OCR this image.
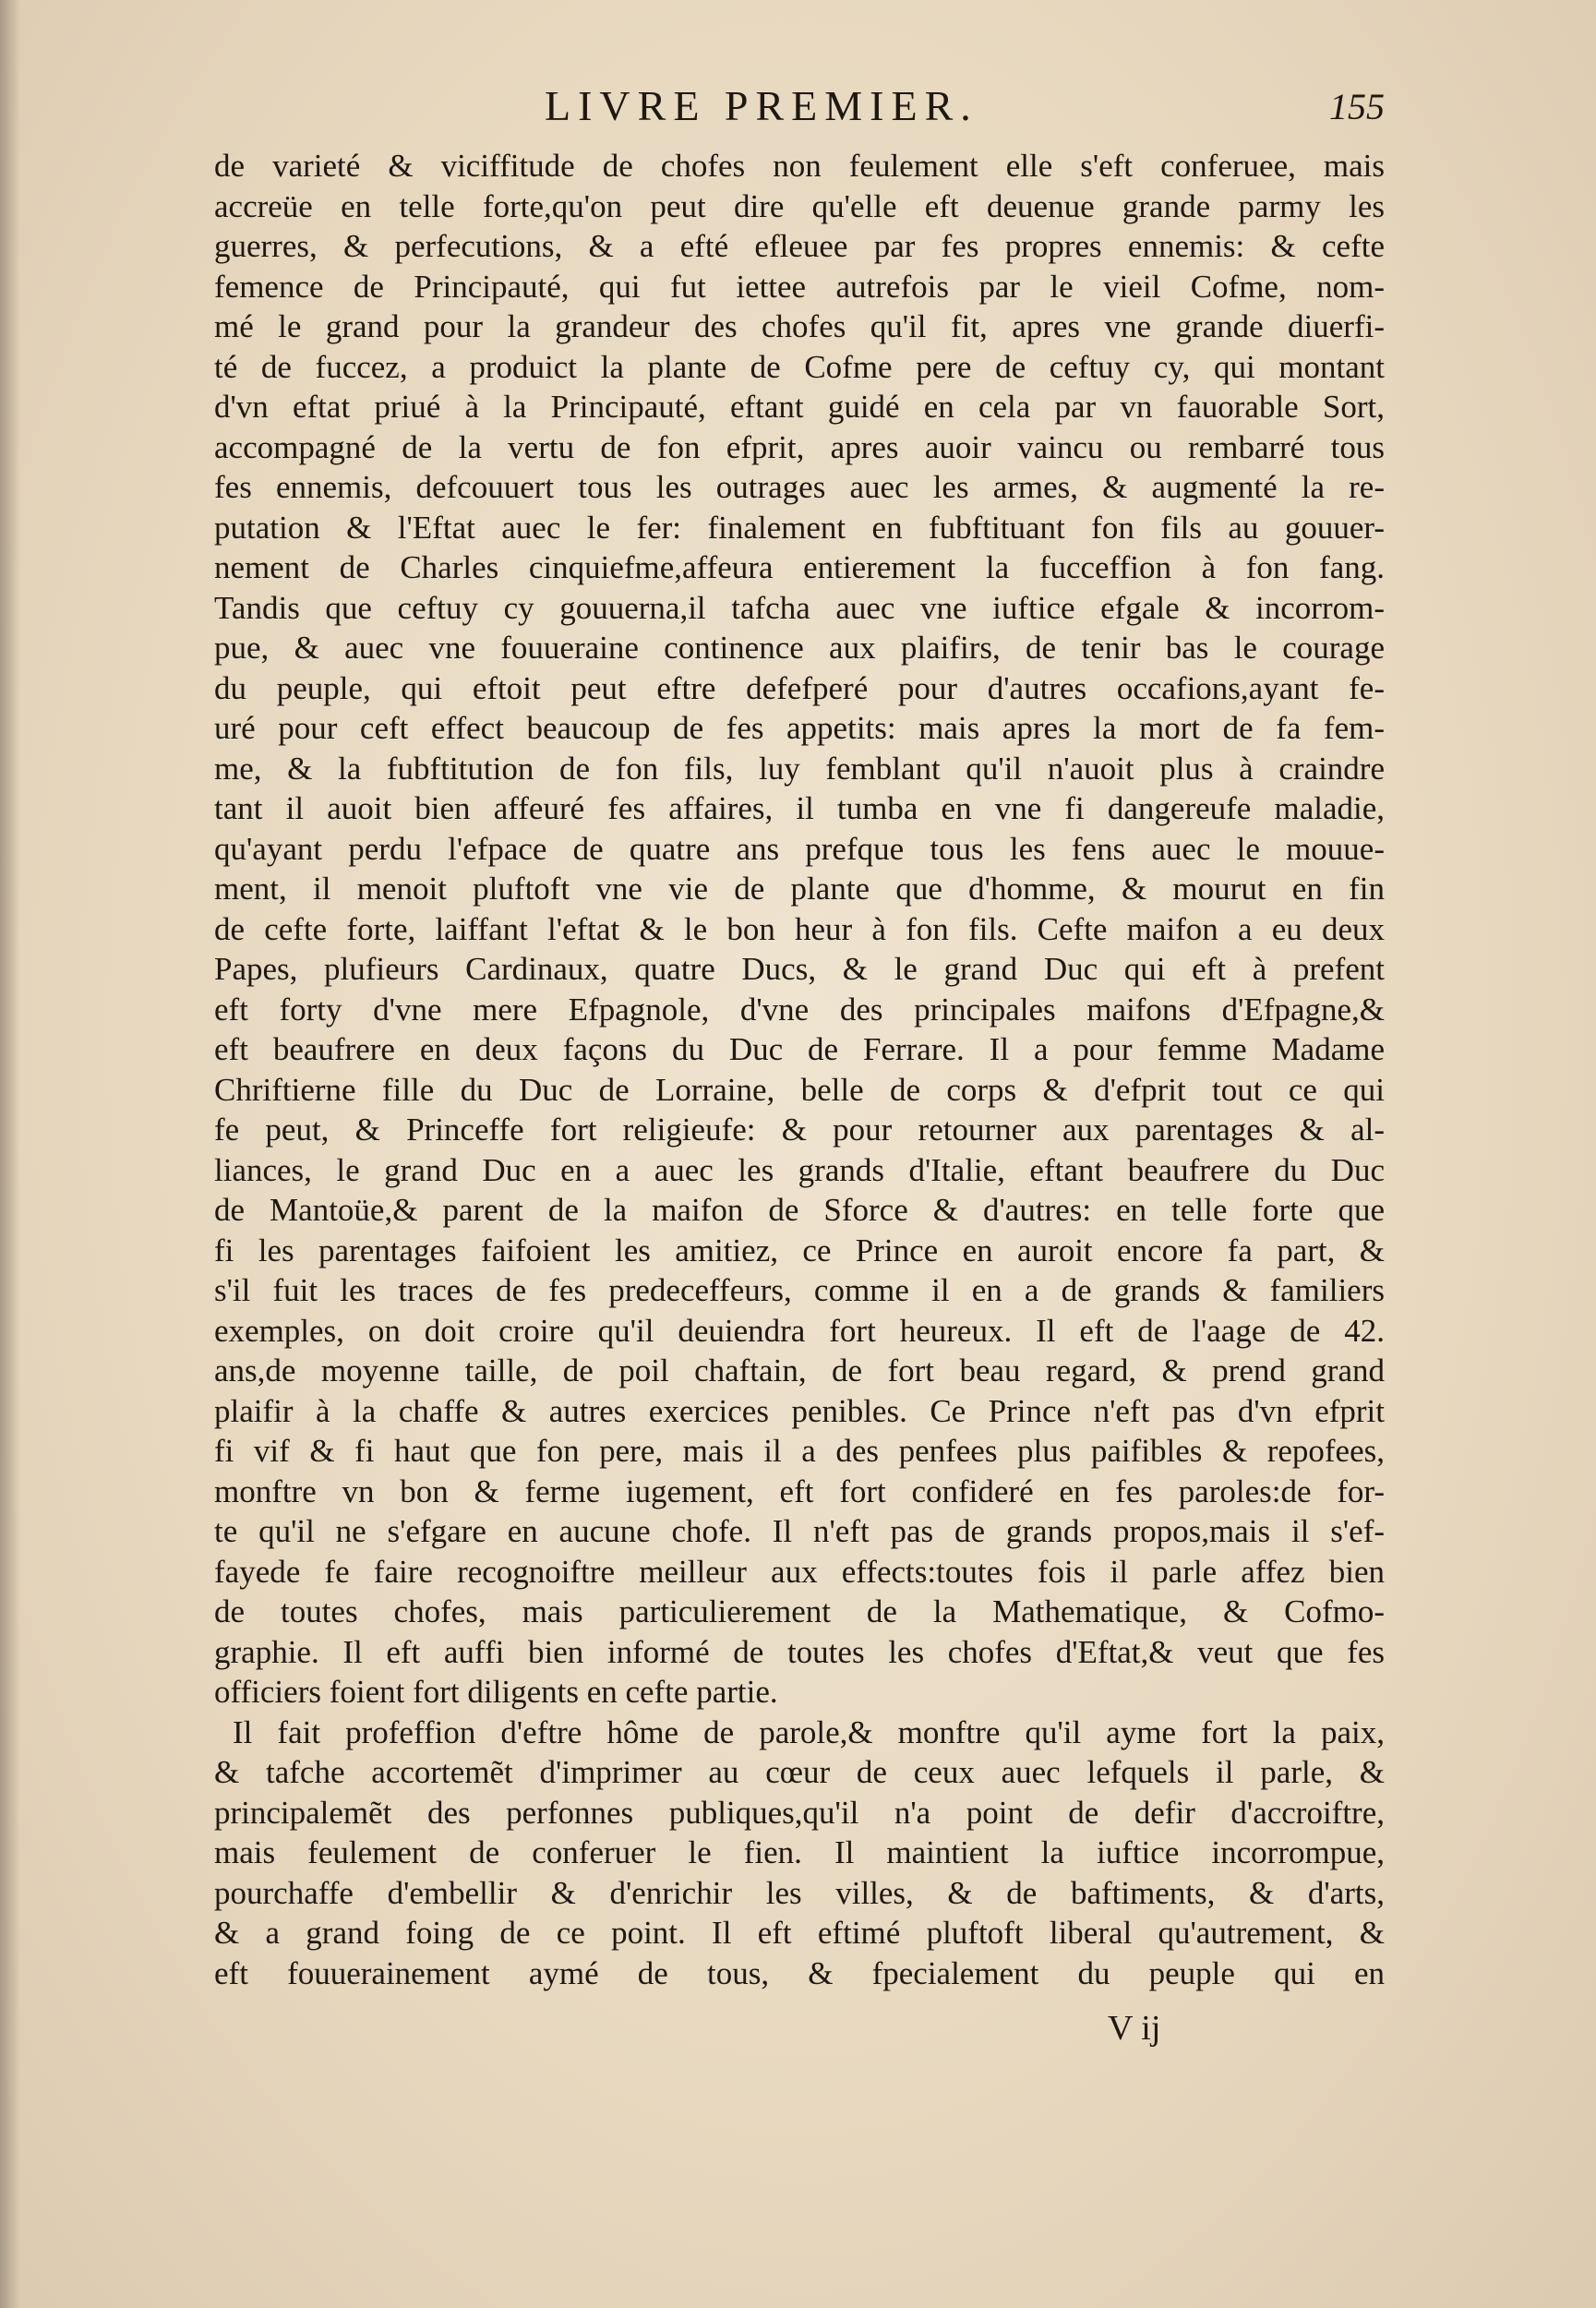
LIVRE PREMIER.	155
de varieté & viciffitude de chofes non feulement elle s'eft conferuee, mais
accreüe en telle forte,qu'on peut dire qu'elle eft deuenue grande parmy les
guerres, & perfecutions, & a efté efleuee par fes propres ennemis: & cefte
femence de Principauté, qui fut iettee autrefois par le vieil Cofme, nom-
mé le grand pour la grandeur des chofes qu'il fit, apres vne grande diuerfi-
té de fuccez, a produict la plante de Cofme pere de ceftuy cy, qui montant
d'vn eftat priué à la Principauté, eftant guidé en cela par vn fauorable Sort,
accompagné de la vertu de fon efprit, apres auoir vaincu ou rembarré tous
fes ennemis, defcouuert tous les outrages auec les armes, & augmenté la re-
putation & l'Eftat auec le fer: finalement en fubftituant fon fils au gouuer-
nement de Charles cinquiefme,affeura entierement la fucceffion à fon fang.
Tandis que ceftuy cy gouuerna,il tafcha auec vne iuftice efgale & incorrom-
pue, & auec vne fouueraine continence aux plaifirs, de tenir bas le courage
du peuple, qui eftoit peut eftre defefperé pour d'autres occafions,ayant fe-
uré pour ceft effect beaucoup de fes appetits: mais apres la mort de fa fem-
me, & la fubftitution de fon fils, luy femblant qu'il n'auoit plus à craindre
tant il auoit bien affeuré fes affaires, il tumba en vne fi dangereufe maladie,
qu'ayant perdu l'efpace de quatre ans prefque tous les fens auec le mouue-
ment, il menoit pluftoft vne vie de plante que d'homme, & mourut en fin
de cefte forte, laiffant l'eftat & le bon heur à fon fils. Cefte maifon a eu deux
Papes, plufieurs Cardinaux, quatre Ducs, & le grand Duc qui eft à prefent
eft forty d'vne mere Efpagnole, d'vne des principales maifons d'Efpagne,&
eft beaufrere en deux façons du Duc de Ferrare. Il a pour femme Madame
Chriftierne fille du Duc de Lorraine, belle de corps & d'efprit tout ce qui
fe peut, & Princeffe fort religieufe: & pour retourner aux parentages & al-
liances, le grand Duc en a auec les grands d'Italie, eftant beaufrere du Duc
de Mantoüe,& parent de la maifon de Sforce & d'autres: en telle forte que
fi les parentages faifoient les amitiez, ce Prince en auroit encore fa part, &
s'il fuit les traces de fes predeceffeurs, comme il en a de grands & familiers
exemples, on doit croire qu'il deuiendra fort heureux. Il eft de l'aage de 42.
ans,de moyenne taille, de poil chaftain, de fort beau regard, & prend grand
plaifir à la chaffe & autres exercices penibles. Ce Prince n'eft pas d'vn efprit
fi vif & fi haut que fon pere, mais il a des penfees plus paifibles & repofees,
monftre vn bon & ferme iugement, eft fort confideré en fes paroles:de for-
te qu'il ne s'efgare en aucune chofe. Il n'eft pas de grands propos,mais il s'ef-
fayede fe faire recognoiftre meilleur aux effects:toutes fois il parle affez bien
de toutes chofes, mais particulierement de la Mathematique, & Cofmo-
graphie. Il eft auffi bien informé de toutes les chofes d'Eftat,& veut que fes
officiers foient fort diligents en cefte partie.
Il fait profeffion d'eftre hôme de parole,& monftre qu'il ayme fort la paix,
& tafche accortemẽt d'imprimer au cœur de ceux auec lefquels il parle, &
principalemẽt des perfonnes publiques,qu'il n'a point de defir d'accroiftre,
mais feulement de conferuer le fien. Il maintient la iuftice incorrompue,
pourchaffe d'embellir & d'enrichir les villes, & de baftiments, & d'arts,
& a grand foing de ce point. Il eft eftimé pluftoft liberal qu'autrement, &
eft fouuerainement aymé de tous, & fpecialement du peuple qui en
V ij
